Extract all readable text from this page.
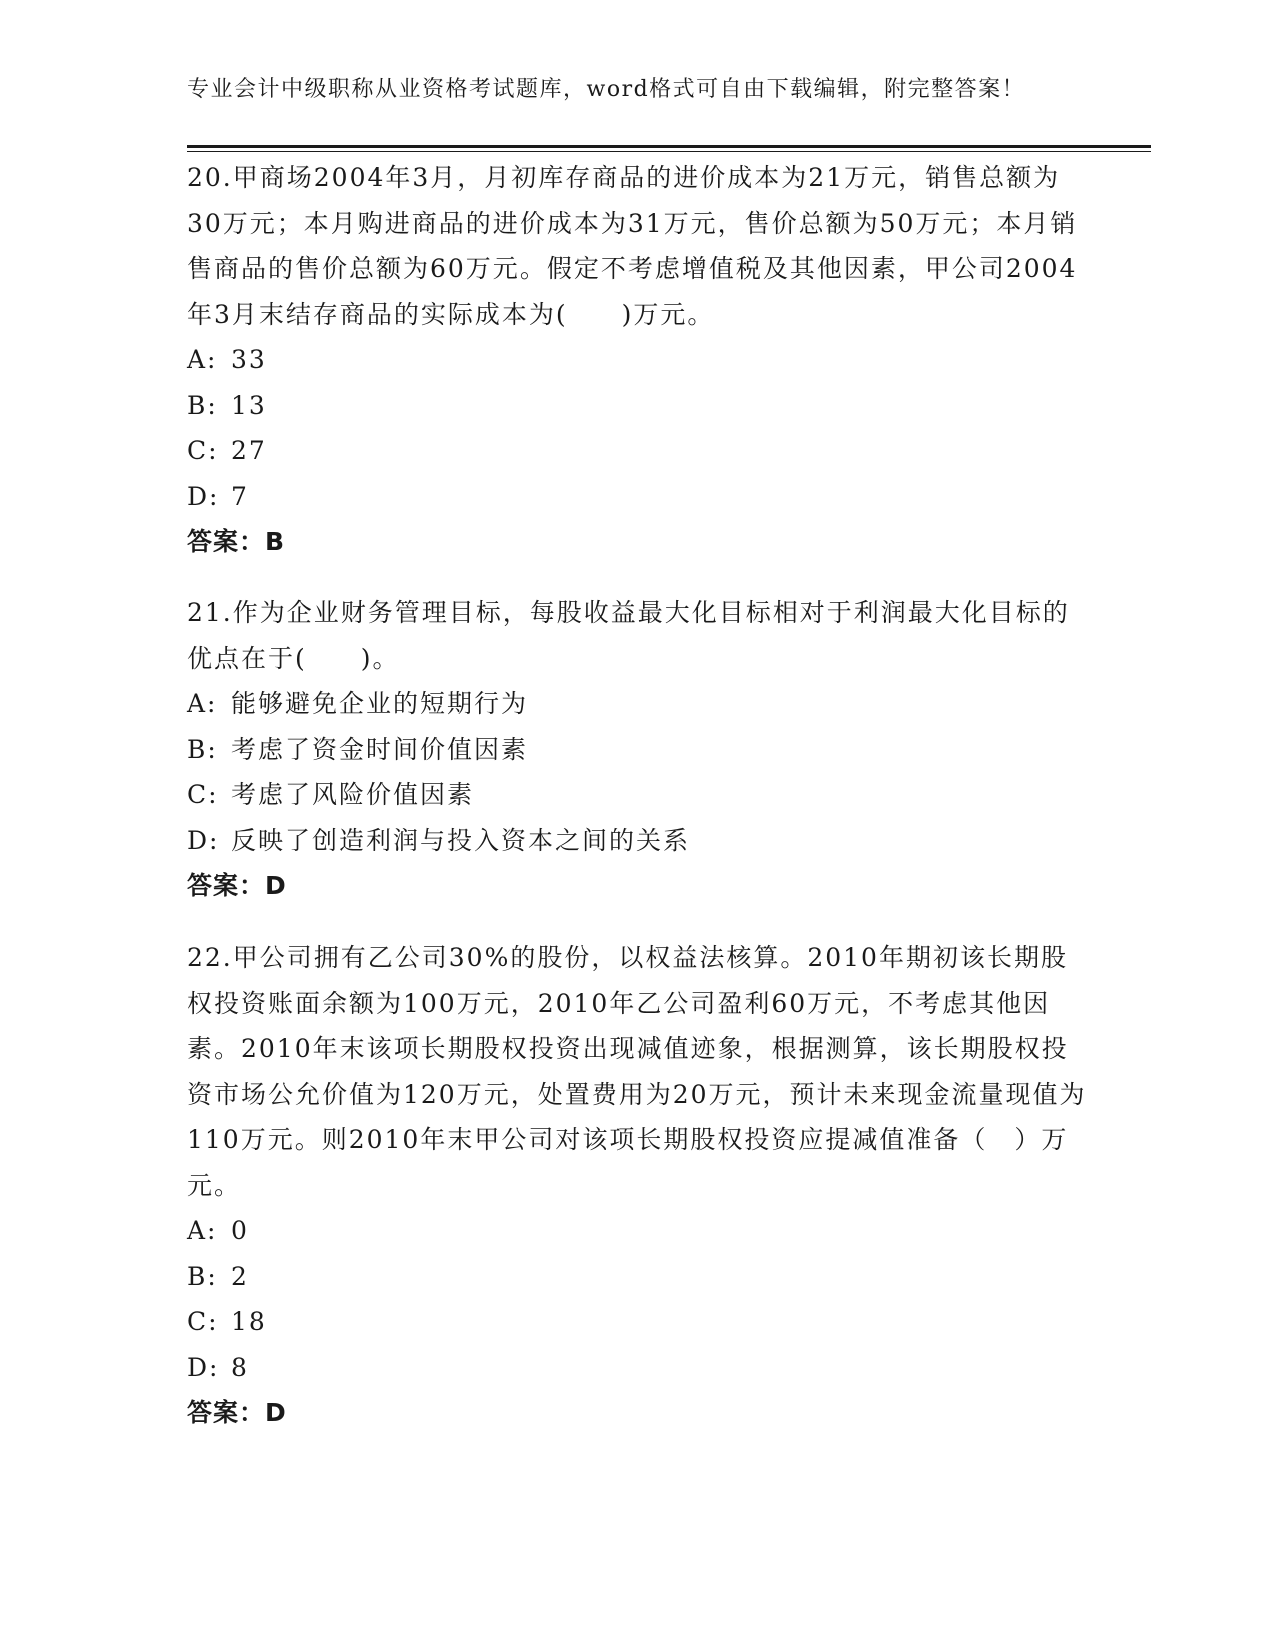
专业会计中级职称从业资格考试题库，word格式可自由下载编辑，附完整答案！

20.甲商场2004年3月，月初库存商品的进价成本为21万元，销售总额为30万元；本月购进商品的进价成本为31万元，售价总额为50万元；本月销售商品的售价总额为60万元。假定不考虑增值税及其他因素，甲公司2004年3月末结存商品的实际成本为(　　)万元。

A: 33

B: 13

C: 27

D: 7

答案：B

21.作为企业财务管理目标，每股收益最大化目标相对于利润最大化目标的优点在于(　　)。

A: 能够避免企业的短期行为

B: 考虑了资金时间价值因素

C: 考虑了风险价值因素

D: 反映了创造利润与投入资本之间的关系

答案：D

22.甲公司拥有乙公司30%的股份，以权益法核算。2010年期初该长期股权投资账面余额为100万元，2010年乙公司盈利60万元，不考虑其他因素。2010年末该项长期股权投资出现减值迹象，根据测算，该长期股权投资市场公允价值为120万元，处置费用为20万元，预计未来现金流量现值为110万元。则2010年末甲公司对该项长期股权投资应提减值准备（　）万元。

A: 0

B: 2

C: 18

D: 8

答案：D
